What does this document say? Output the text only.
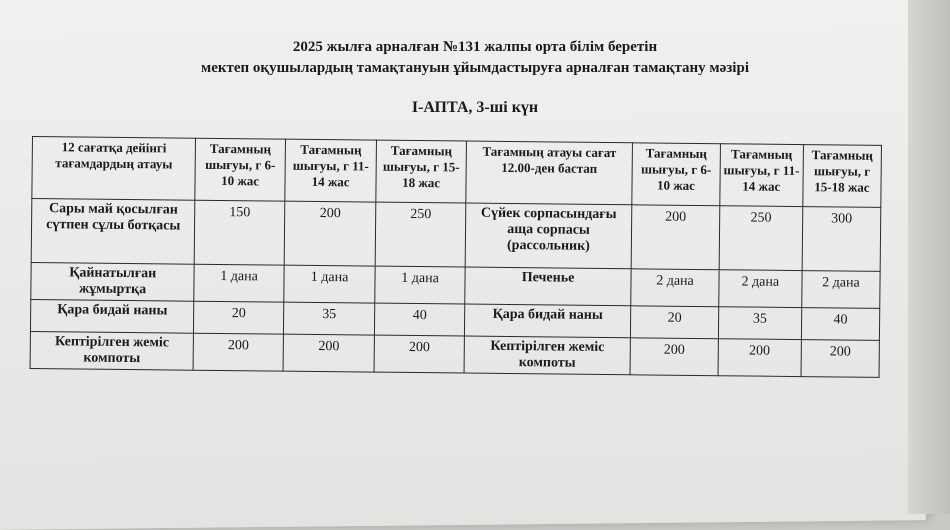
2025 жылға арналған №131 жалпы орта білім беретін
мектеп оқушылардың тамақтануын ұйымдастыруға арналған тамақтану мәзірі
І-АПТА, 3-ші күн
12 сағатқа дейінгі тағамдардың атауы	Тағамның шығуы, г 6-10 жас	Тағамның шығуы, г 11-14 жас	Тағамның шығуы, г 15-18 жас	Тағамның атауы сағат 12.00-ден бастап	Тағамның шығуы, г 6-10 жас	Тағамның шығуы, г 11-14 жас	Тағамның шығуы, г 15-18 жас
Сары май қосылған сүтпен сұлы ботқасы	150	200	250	Сүйек сорпасындағы аща сорпасы (рассольник)	200	250	300
Қайнатылған жұмыртқа	1 дана	1 дана	1 дана	Печенье	2 дана	2 дана	2 дана
Қара бидай наны	20	35	40	Қара бидай наны	20	35	40
Кептірілген жеміс компоты	200	200	200	Кептірілген жеміс компоты	200	200	200
